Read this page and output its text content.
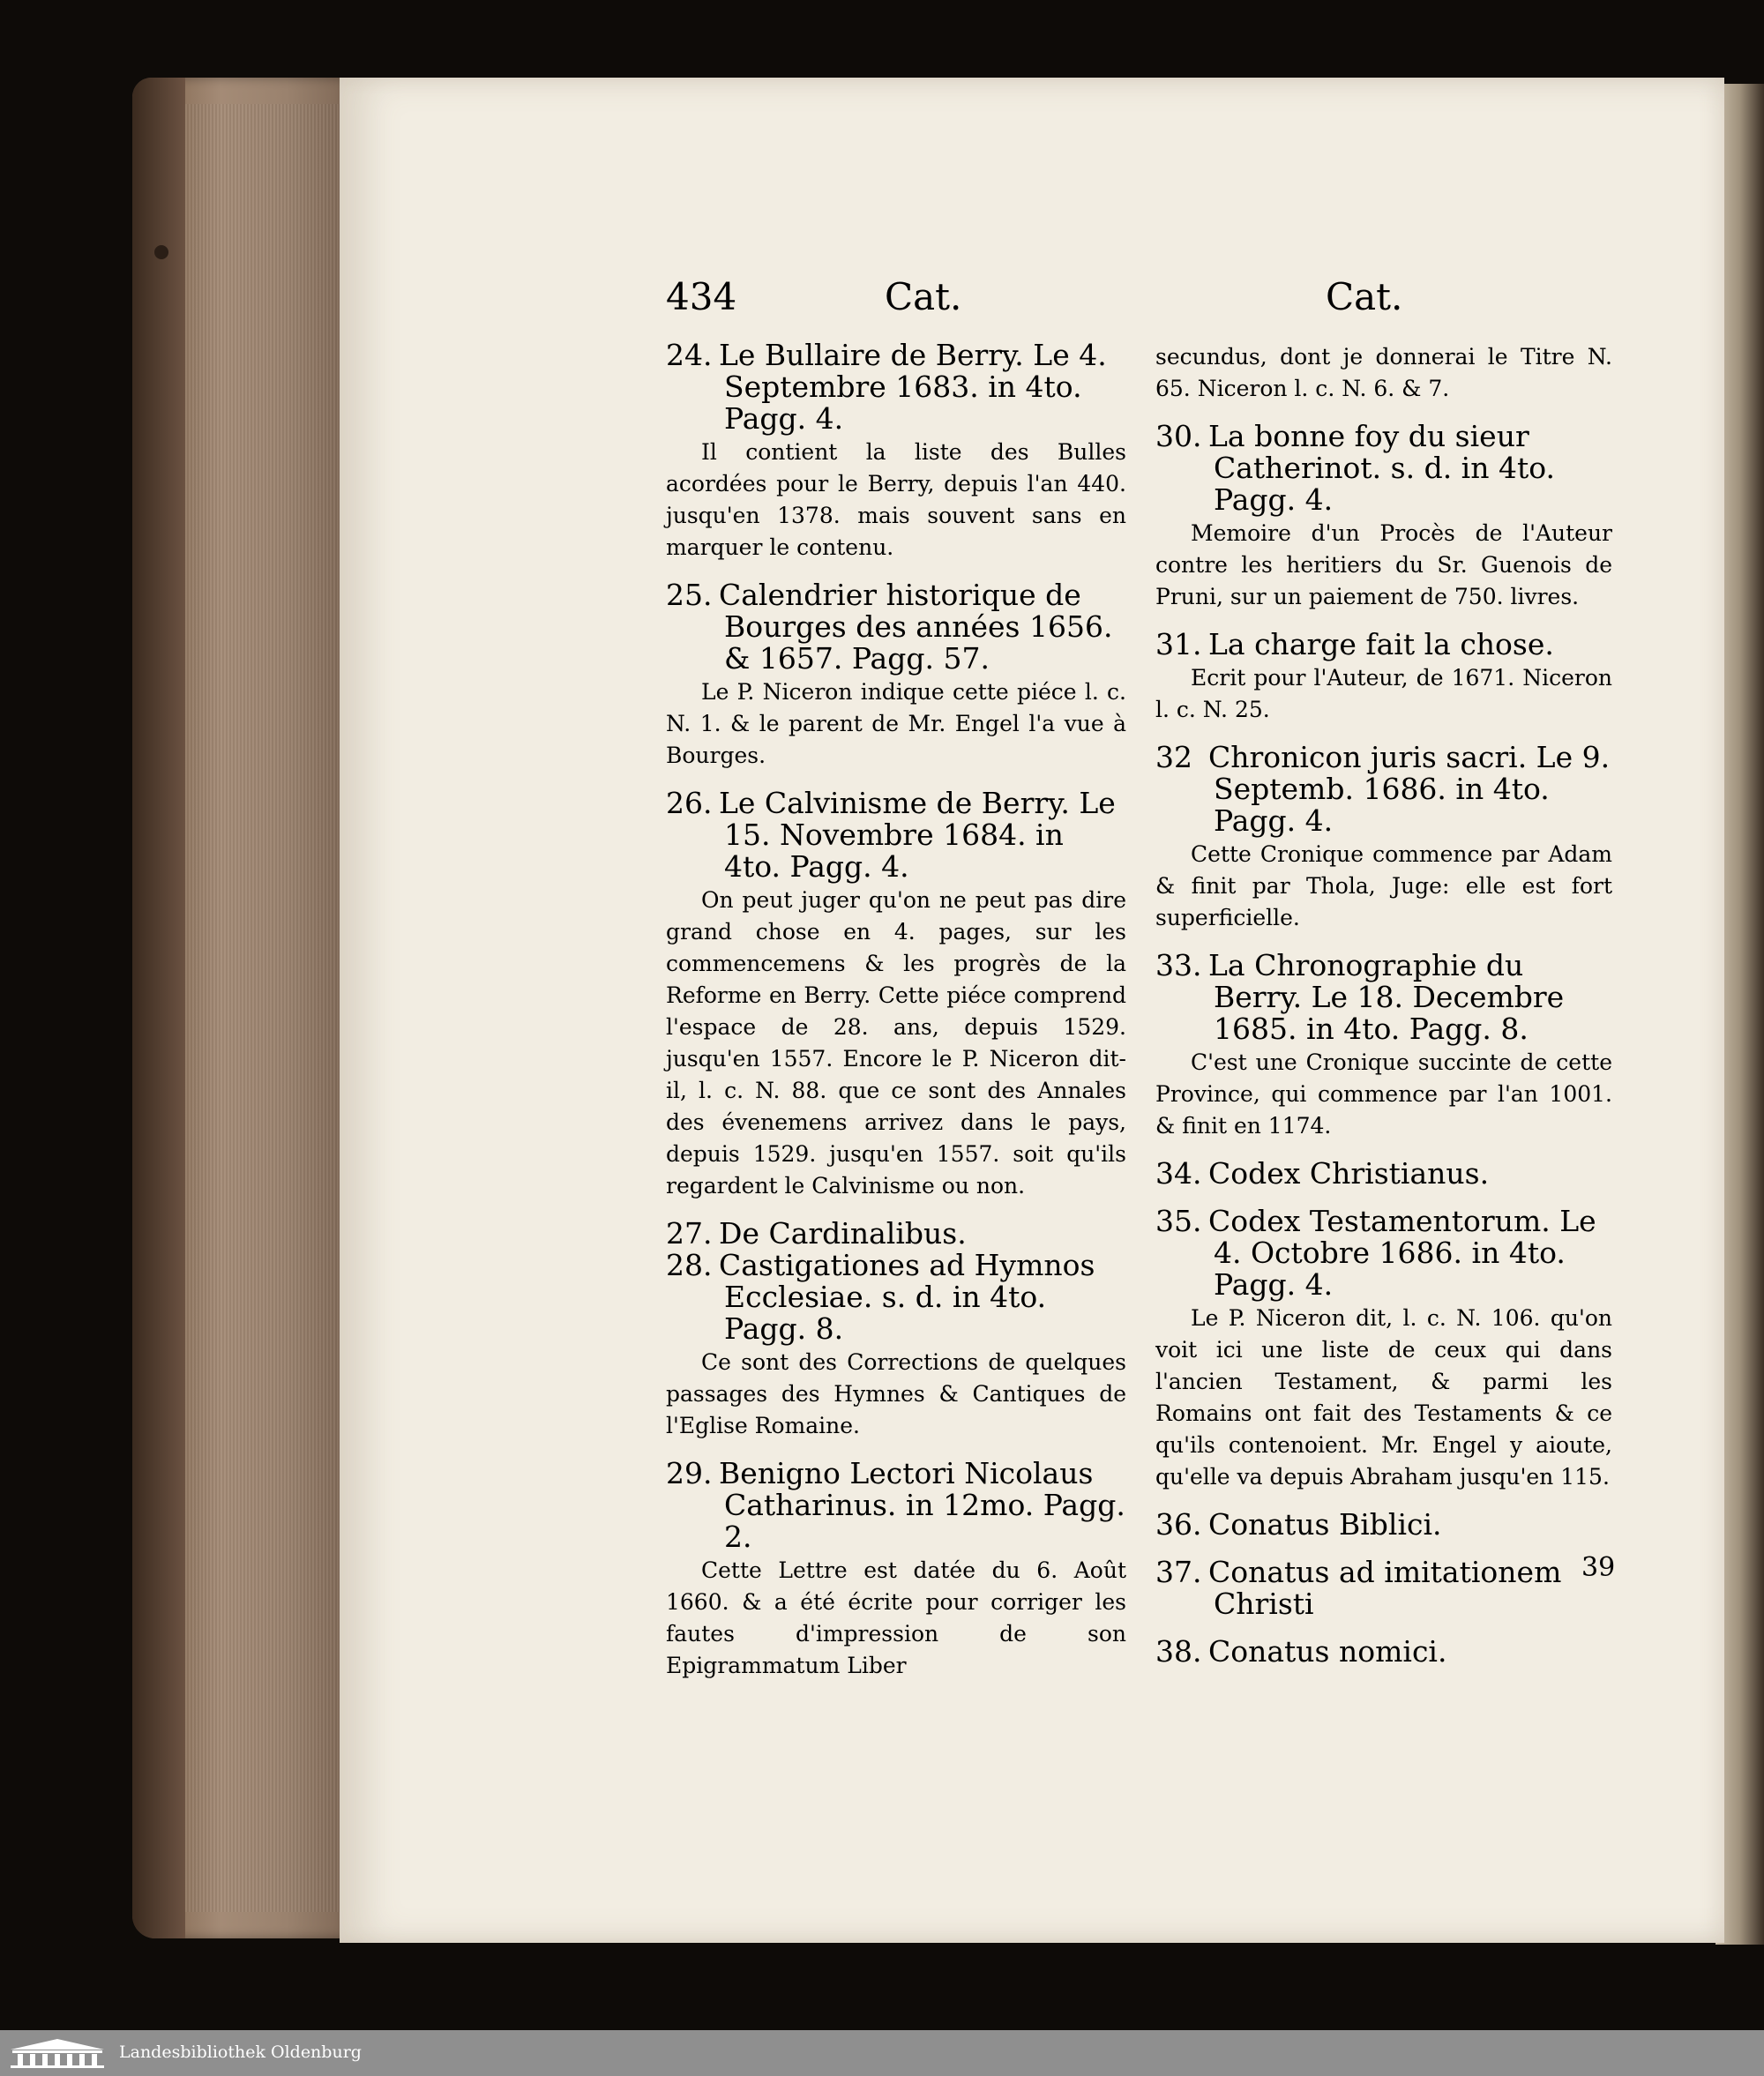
434	Cat.	Cat.
24. Le Bullaire de Berry. Le 4. Septembre 1683. in 4to. Pagg. 4.
Il contient la liste des Bulles acordées pour le Berry, depuis l'an 440. jusqu'en 1378. mais souvent sans en marquer le contenu.
25. Calendrier historique de Bourges des années 1656. & 1657. Pagg. 57.
Le P. Niceron indique cette piéce l. c. N. 1. & le parent de Mr. Engel l'a vue à Bourges.
26. Le Calvinisme de Berry. Le 15. Novembre 1684. in 4to. Pagg. 4.
On peut juger qu'on ne peut pas dire grand chose en 4. pages, sur les commencemens & les progrès de la Reforme en Berry. Cette piéce comprend l'espace de 28. ans, depuis 1529. jusqu'en 1557. Encore le P. Niceron dit-il, l. c. N. 88. que ce sont des Annales des évenemens arrivez dans le pays, depuis 1529. jusqu'en 1557. soit qu'ils regardent le Calvinisme ou non.
27. De Cardinalibus.
28. Castigationes ad Hymnos Ecclesiae. s. d. in 4to. Pagg. 8.
Ce sont des Corrections de quelques passages des Hymnes & Cantiques de l'Eglise Romaine.
29. Benigno Lectori Nicolaus Catharinus. in 12mo. Pagg. 2.
Cette Lettre est datée du 6. Août 1660. & a été écrite pour corriger les fautes d'impression de son Epigrammatum Liber
secundus, dont je donnerai le Titre N. 65. Niceron l. c. N. 6. & 7.
30. La bonne foy du sieur Catherinot. s. d. in 4to. Pagg. 4.
Memoire d'un Procès de l'Auteur contre les heritiers du Sr. Guenois de Pruni, sur un paiement de 750. livres.
31. La charge fait la chose.
Ecrit pour l'Auteur, de 1671. Niceron l. c. N. 25.
32 Chronicon juris sacri. Le 9. Septemb. 1686. in 4to. Pagg. 4.
Cette Cronique commence par Adam & finit par Thola, Juge: elle est fort superficielle.
33. La Chronographie du Berry. Le 18. Decembre 1685. in 4to. Pagg. 8.
C'est une Cronique succinte de cette Province, qui commence par l'an 1001. & finit en 1174.
34. Codex Christianus.
35. Codex Testamentorum. Le 4. Octobre 1686. in 4to. Pagg. 4.
Le P. Niceron dit, l. c. N. 106. qu'on voit ici une liste de ceux qui dans l'ancien Testament, & parmi les Romains ont fait des Testaments & ce qu'ils contenoient. Mr. Engel y aioute, qu'elle va depuis Abraham jusqu'en 115.
36. Conatus Biblici.
37. Conatus ad imitationem Christi
38. Conatus nomici.
39
Landesbibliothek Oldenburg
